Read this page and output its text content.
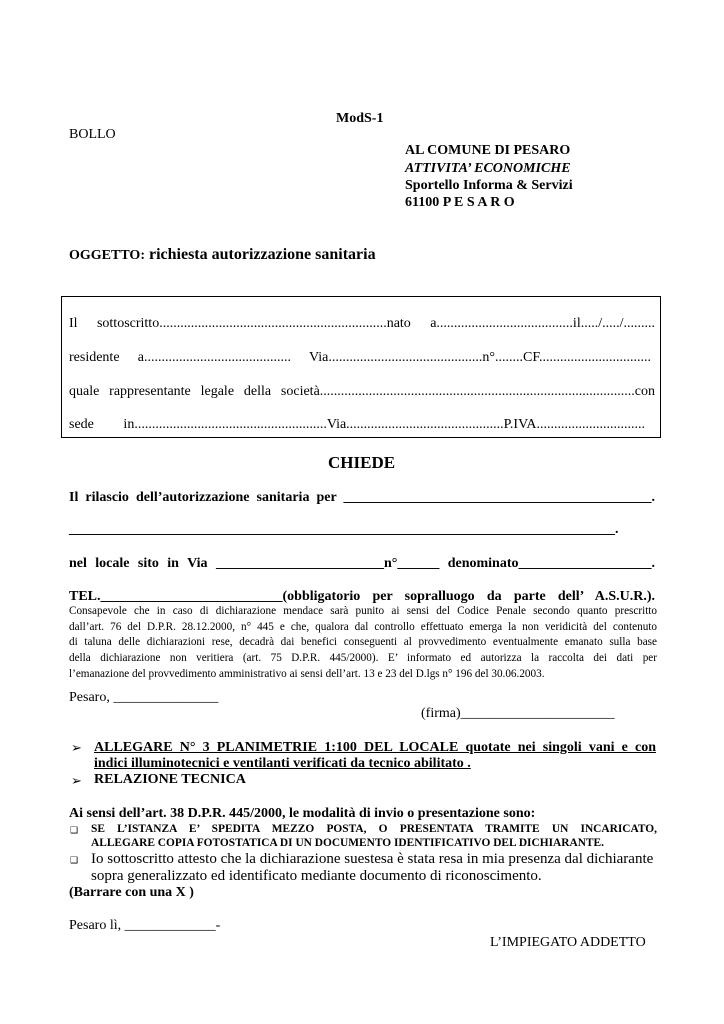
ModS-1
BOLLO
AL COMUNE DI PESARO
ATTIVITA’ ECONOMICHE
Sportello Informa & Servizi
61100 P E S A R O
OGGETTO: richiesta autorizzazione sanitaria
Il sottoscritto.................................................................nato a.......................................il...../...../.........
residente a.......................................... Via............................................n°........CF................................
quale rappresentante legale della società..........................................................................................con
sede in.......................................................Via.............................................P.IVA...............................
CHIEDE
Il rilascio dell’autorizzazione sanitaria per ____________________________________________.
______________________________________________________________________________.
nel locale sito in Via ________________________n°______ denominato___________________.
TEL.__________________________(obbligatorio per sopralluogo da parte dell’ A.S.U.R.).
Consapevole che in caso di dichiarazione mendace sarà punito ai sensi del Codice Penale secondo quanto prescritto
dall’art. 76 del D.P.R. 28.12.2000, n° 445 e che, qualora dal controllo effettuato emerga la non veridicità del contenuto
di taluna delle dichiarazioni rese, decadrà dai benefici conseguenti al provvedimento eventualmente emanato sulla base
della dichiarazione non veritiera (art. 75 D.P.R. 445/2000). E’ informato ed autorizza la raccolta dei dati per
l’emanazione del provvedimento amministrativo ai sensi dell’art. 13 e 23 del D.lgs n° 196 del 30.06.2003.
Pesaro, _______________
(firma)______________________
➢ ALLEGARE N° 3 PLANIMETRIE 1:100 DEL LOCALE quotate nei singoli vani e con
indici illuminotecnici e ventilanti verificati da tecnico abilitato .
➢ RELAZIONE TECNICA
Ai sensi dell’art. 38 D.P.R. 445/2000, le modalità di invio o presentazione sono:
❑ SE L’ISTANZA E’ SPEDITA MEZZO POSTA, O PRESENTATA TRAMITE UN INCARICATO,
ALLEGARE COPIA FOTOSTATICA DI UN DOCUMENTO IDENTIFICATIVO DEL DICHIARANTE.
❑ Io sottoscritto attesto che la dichiarazione suestesa è stata resa in mia presenza dal dichiarante
sopra generalizzato ed identificato mediante documento di riconoscimento.
(Barrare con una X )
Pesaro lì, _____________-
L’IMPIEGATO ADDETTO
